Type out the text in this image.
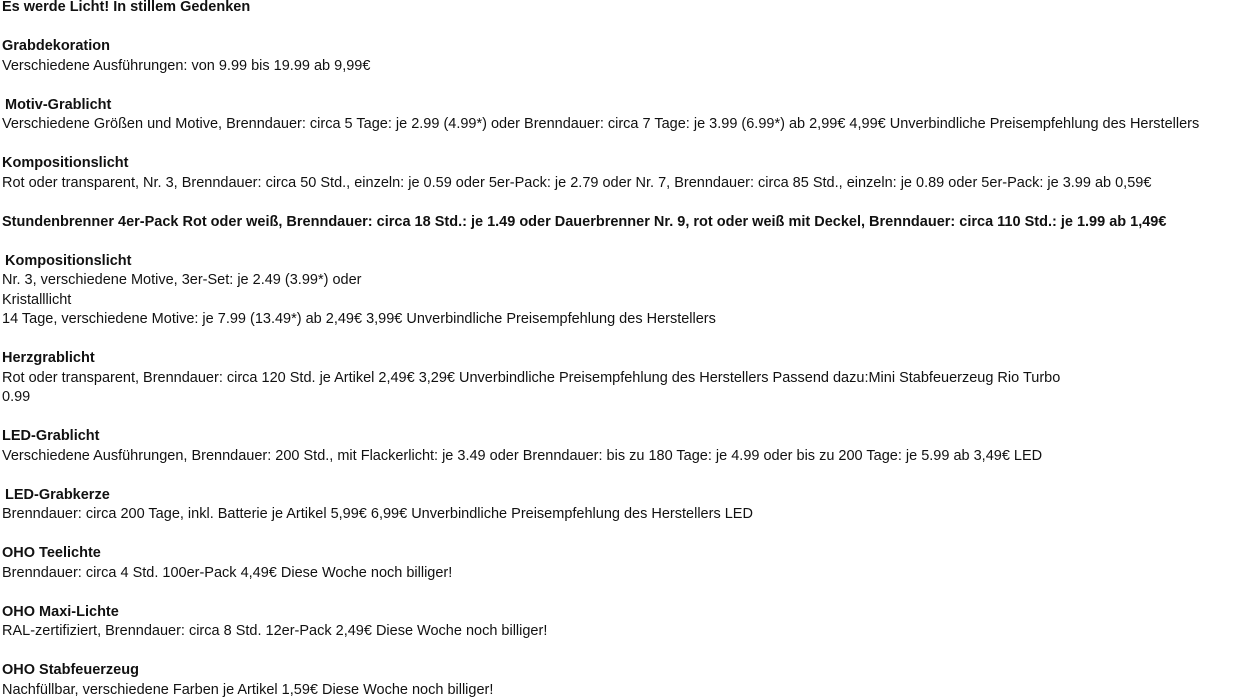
Es werde Licht! In stillem Gedenken
Grabdekoration
Verschiedene Ausführungen: von 9.99 bis 19.99 ab 9,99€
Motiv-Grablicht
Verschiedene Größen und Motive, Brenndauer: circa 5 Tage: je 2.99 (4.99*) oder Brenndauer: circa 7 Tage: je 3.99 (6.99*) ab 2,99€ 4,99€ Unverbindliche Preisempfehlung des Herstellers
Kompositionslicht
Rot oder transparent, Nr. 3, Brenndauer: circa 50 Std., einzeln: je 0.59 oder 5er-Pack: je 2.79 oder Nr. 7, Brenndauer: circa 85 Std., einzeln: je 0.89 oder 5er-Pack: je 3.99 ab 0,59€
Stundenbrenner 4er-Pack Rot oder weiß, Brenndauer: circa 18 Std.: je 1.49 oder Dauerbrenner Nr. 9, rot oder weiß mit Deckel, Brenndauer: circa 110 Std.: je 1.99 ab 1,49€
Kompositionslicht
Nr. 3, verschiedene Motive, 3er-Set: je 2.49 (3.99*) oder
Kristalllicht
14 Tage, verschiedene Motive: je 7.99 (13.49*) ab 2,49€ 3,99€ Unverbindliche Preisempfehlung des Herstellers
Herzgrablicht
Rot oder transparent, Brenndauer: circa 120 Std. je Artikel 2,49€ 3,29€ Unverbindliche Preisempfehlung des Herstellers Passend dazu:Mini Stabfeuerzeug Rio Turbo
0.99
LED-Grablicht
Verschiedene Ausführungen, Brenndauer: 200 Std., mit Flackerlicht: je 3.49 oder Brenndauer: bis zu 180 Tage: je 4.99 oder bis zu 200 Tage: je 5.99 ab 3,49€ LED
LED-Grabkerze
Brenndauer: circa 200 Tage, inkl. Batterie je Artikel 5,99€ 6,99€ Unverbindliche Preisempfehlung des Herstellers LED
OHO Teelichte
Brenndauer: circa 4 Std. 100er-Pack 4,49€ Diese Woche noch billiger!
OHO Maxi-Lichte
RAL-zertifiziert, Brenndauer: circa 8 Std. 12er-Pack 2,49€ Diese Woche noch billiger!
OHO Stabfeuerzeug
Nachfüllbar, verschiedene Farben je Artikel 1,59€ Diese Woche noch billiger!
